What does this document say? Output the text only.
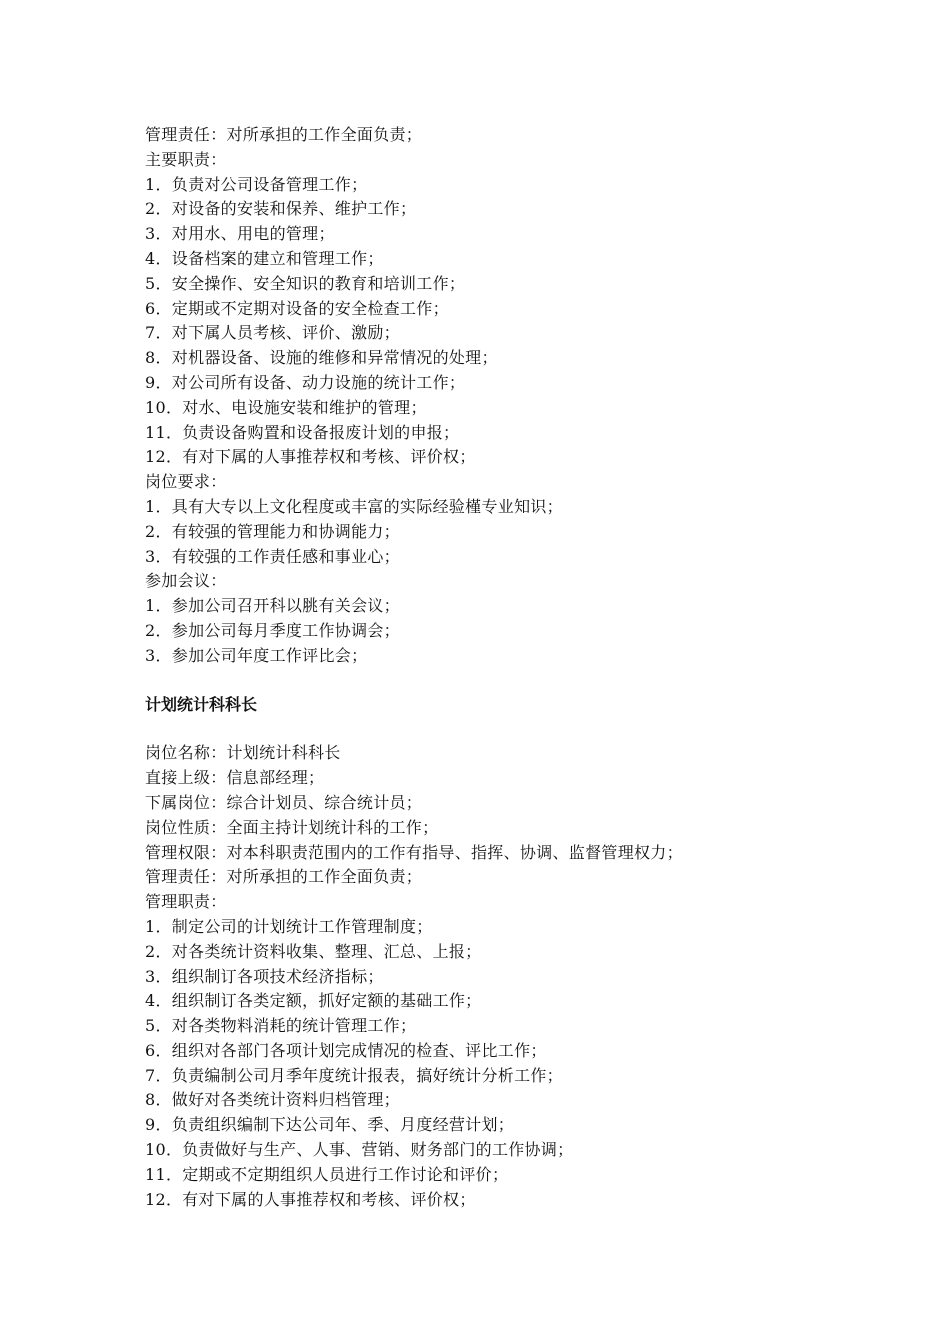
管理责任：对所承担的工作全面负责；
主要职责：
1．负责对公司设备管理工作；
2．对设备的安装和保养、维护工作；
3．对用水、用电的管理；
4．设备档案的建立和管理工作；
5．安全操作、安全知识的教育和培训工作；
6．定期或不定期对设备的安全检查工作；
7．对下属人员考核、评价、激励；
8．对机器设备、设施的维修和异常情况的处理；
9．对公司所有设备、动力设施的统计工作；
10．对水、电设施安装和维护的管理；
11．负责设备购置和设备报废计划的申报；
12．有对下属的人事推荐权和考核、评价权；
岗位要求：
1．具有大专以上文化程度或丰富的实际经验槿专业知识；
2．有较强的管理能力和协调能力；
3．有较强的工作责任感和事业心；
参加会议：
1．参加公司召开科以脁有关会议；
2．参加公司每月季度工作协调会；
3．参加公司年度工作评比会；
计划统计科科长
岗位名称：计划统计科科长
直接上级：信息部经理；
下属岗位：综合计划员、综合统计员；
岗位性质：全面主持计划统计科的工作；
管理权限：对本科职责范围内的工作有指导、指挥、协调、监督管理权力；
管理责任：对所承担的工作全面负责；
管理职责：
1．制定公司的计划统计工作管理制度；
2．对各类统计资料收集、整理、汇总、上报；
3．组织制订各项技术经济指标；
4．组织制订各类定额，抓好定额的基础工作；
5．对各类物料消耗的统计管理工作；
6．组织对各部门各项计划完成情况的检查、评比工作；
7．负责编制公司月季年度统计报表，搞好统计分析工作；
8．做好对各类统计资料归档管理；
9．负责组织编制下达公司年、季、月度经营计划；
10．负责做好与生产、人事、营销、财务部门的工作协调；
11．定期或不定期组织人员进行工作讨论和评价；
12．有对下属的人事推荐权和考核、评价权；
